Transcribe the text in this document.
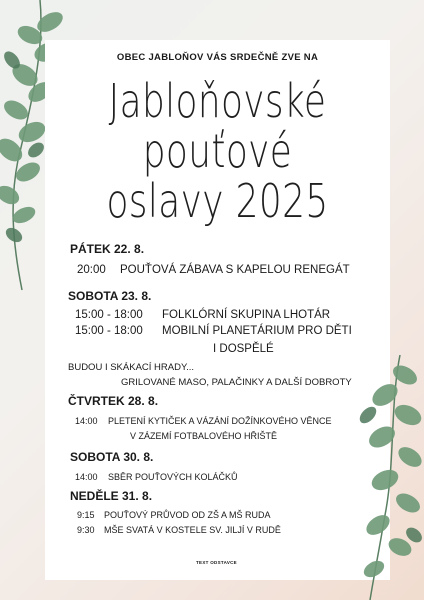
OBEC JABLOŇOV VÁS SRDEČNĚ ZVE NA
Jabloňovské
pouťové
oslavy 2025
PÁTEK 22. 8.
20:00 POUŤOVÁ ZÁBAVA S KAPELOU RENEGÁT
SOBOTA 23. 8.
15:00 - 18:00 FOLKLÓRNÍ SKUPINA LHOTÁR
15:00 - 18:00 MOBILNÍ PLANETÁRIUM PRO DĚTI
I DOSPĚLÉ
BUDOU I SKÁKACÍ HRADY...
GRILOVANÉ MASO, PALAČINKY A DALŠÍ DOBROTY
ČTVRTEK 28. 8.
14:00 PLETENÍ KYTIČEK A VÁZÁNÍ DOŽÍNKOVÉHO VĚNCE
V ZÁZEMÍ FOTBALOVÉHO HŘIŠTĚ
SOBOTA 30. 8.
14:00 SBĚR POUŤOVÝCH KOLÁČKŮ
NEDĚLE 31. 8.
9:15 POUŤOVÝ PRŮVOD OD ZŠ A MŠ RUDA
9:30 MŠE SVATÁ V KOSTELE SV. JILJÍ V RUDĚ
TEXT ODSTAVCE
